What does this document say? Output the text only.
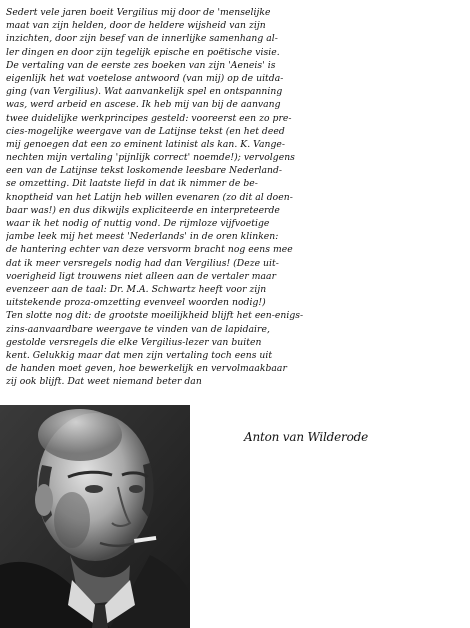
Sedert vele jaren boeit Vergilius mij door de 'menselijke
maat van zijn helden, door de heldere wijsheid van zijn
inzichten, door zijn besef van de innerlijke samenhang al-
ler dingen en door zijn tegelijk epische en poëtische visie.
De vertaling van de eerste zes boeken van zijn 'Aeneis' is
eigenlijk het wat voetelose antwoord (van mij) op de uitda-
ging (van Vergilius). Wat aanvankelijk spel en ontspanning
was, werd arbeid en ascese. Ik heb mij van bij de aanvang
twee duidelijke werkprincipes gesteld: vooreerst een zo pre-
cies-mogelijke weergave van de Latijnse tekst (en het deed
mij genoegen dat een zo eminent latinist als kan. K. Vange-
nechten mijn vertaling 'pijnlijk correct' noemde!); vervolgens
een van de Latijnse tekst loskomende leesbare Nederland-
se omzetting. Dit laatste liefd in dat ik nimmer de be-
knoptheid van het Latijn heb willen evenaren (zo dit al doen-
baar was!) en dus dikwijls expliciteerde en interpreteerde
waar ik het nodig of nuttig vond. De rijmloze vijfvoetige
jambe leek mij het meest 'Nederlands' in de oren klinken:
de hantering echter van deze versvorm bracht nog eens mee
dat ik meer versregels nodig had dan Vergilius! (Deze uit-
voerigheid ligt trouwens niet alleen aan de vertaler maar
evenzeer aan de taal: Dr. M.A. Schwartz heeft voor zijn
uitstekende proza-omzetting evenveel woorden nodig!)
Ten slotte nog dit: de grootste moeilijkheid blijft het een-enigs-
zins-aanvaardbare weergave te vinden van de lapidaire,
gestolde versregels die elke Vergilius-lezer van buiten
kent. Gelukkig maar dat men zijn vertaling toch eens uit
de handen moet geven, hoe bewerkelijk en vervolmaakbaar
zij ook blijft. Dat weet niemand beter dan
Anton van Wilderode
